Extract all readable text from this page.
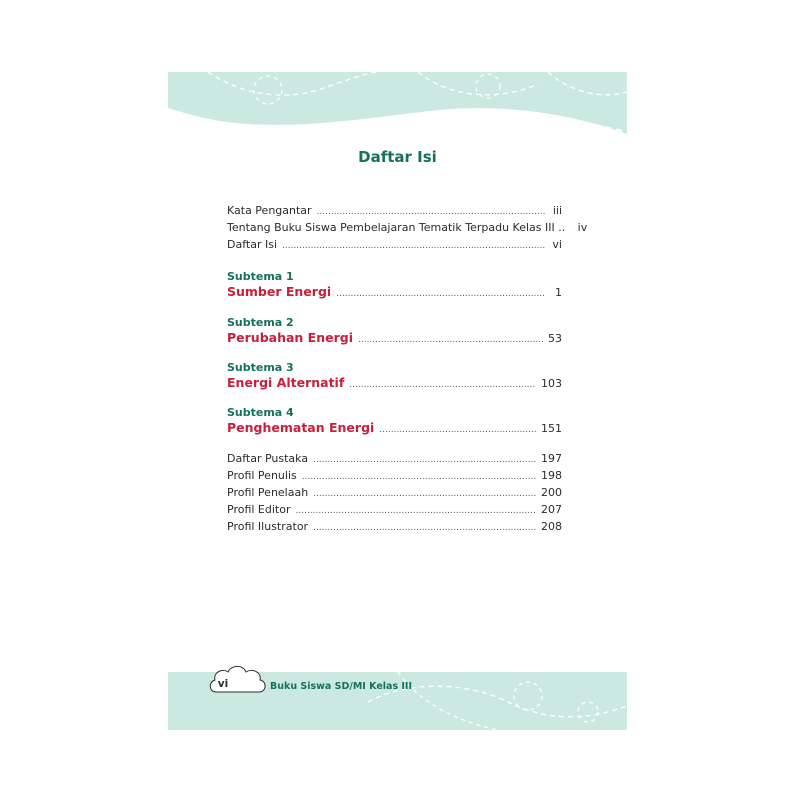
Daftar Isi
Kata Pengantar .....	iii
Tentang Buku Siswa Pembelajaran Tematik Terpadu Kelas III .. iv
Daftar Isi .....	vi
Subtema 1
Sumber Energi .....	1
Subtema 2
Perubahan Energi .....	53
Subtema 3
Energi Alternatif .....	103
Subtema 4
Penghematan Energi .....	151
Daftar Pustaka .....	197
Profil Penulis .....	198
Profil Penelaah .....	200
Profil Editor .....	207
Profil Ilustrator .....	208
vi	Buku Siswa SD/MI Kelas III
